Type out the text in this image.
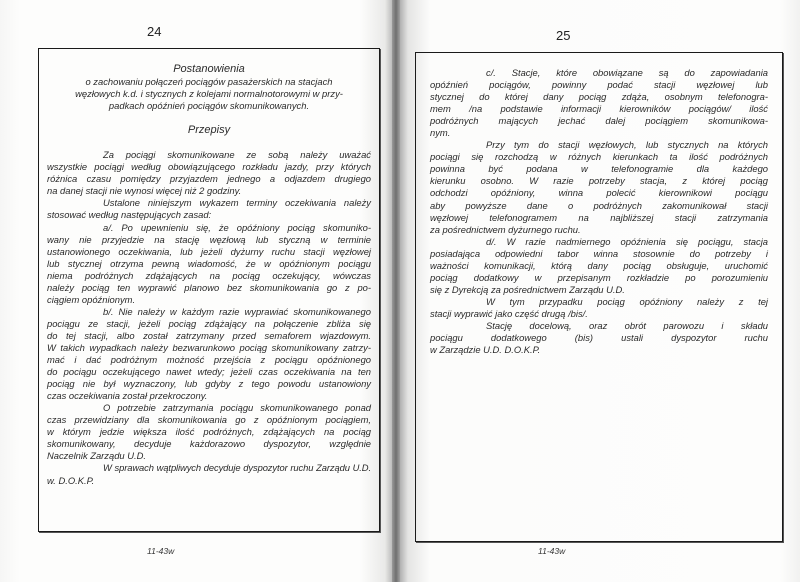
24
Postanowienia
o zachowaniu połączeń pociągów pasażerskich na stacjach
węzłowych k.d. i stycznych z kolejami normalnotorowymi w przy-
padkach opóźnień pociągów skomunikowanych.
Przepisy
Za pociągi skomunikowane ze sobą należy uważać
wszystkie pociągi według obowiązującego rozkładu jazdy, przy których
różnica czasu pomiędzy przyjazdem jednego a odjazdem drugiego
na danej stacji nie wynosi więcej niż 2 godziny.
Ustalone niniejszym wykazem terminy oczekiwania należy
stosować według następujących zasad:
a/. Po upewnieniu się, że opóźniony pociąg skomuniko-
wany nie przyjedzie na stację węzłową lub styczną w terminie
ustanowionego oczekiwania, lub jeżeli dyżurny ruchu stacji węzłowej
lub stycznej otrzyma pewną wiadomość, że w opóźnionym pociągu
niema podróżnych zdążających na pociąg oczekujący, wówczas
należy pociąg ten wyprawić planowo bez skomunikowania go z po-
ciągiem opóźnionym.
b/. Nie należy w każdym razie wyprawiać skomunikowanego
pociągu ze stacji, jeżeli pociąg zdążający na połączenie zbliża się
do tej stacji, albo został zatrzymany przed semaforem wjazdowym.
W takich wypadkach należy bezwarunkowo pociąg skomunikowany zatrzy-
mać i dać podróżnym możność przejścia z pociągu opóźnionego
do pociągu oczekującego nawet wtedy; jeżeli czas oczekiwania na ten
pociąg nie był wyznaczony, lub gdyby z tego powodu ustanowiony
czas oczekiwania został przekroczony.
O potrzebie zatrzymania pociągu skomunikowanego ponad
czas przewidziany dla skomunikowania go z opóźnionym pociągiem,
w którym jedzie większa ilość podróżnych, zdążających na pociąg
skomunikowany, decyduje każdorazowo dyspozytor, względnie
Naczelnik Zarządu U.D.
W sprawach wątpliwych decyduje dyspozytor ruchu Zarządu U.D.
w. D.O.K.P.
11-43w
25
c/. Stacje, które obowiązane są do zapowiadania
opóźnień pociągów, powinny podać stacji węzłowej lub
stycznej do której dany pociąg zdąża, osobnym telefonogra-
mem /na podstawie informacji kierowników pociągów/ ilość
podróżnych mających jechać dalej pociągiem skomunikowa-
nym.
Przy tym do stacji węzłowych, lub stycznych na których
pociągi się rozchodzą w różnych kierunkach ta ilość podróżnych
powinna być podana w telefonogramie dla każdego
kierunku osobno. W razie potrzeby stacja, z której pociąg
odchodzi opóźniony, winna polecić kierownikowi pociągu
aby powyższe dane o podróżnych zakomunikował stacji
węzłowej telefonogramem na najbliższej stacji zatrzymania
za pośrednictwem dyżurnego ruchu.
d/. W razie nadmiernego opóźnienia się pociągu, stacja
posiadająca odpowiedni tabor winna stosownie do potrzeby i
ważności komunikacji, którą dany pociąg obsługuje, uruchomić
pociąg dodatkowy w przepisanym rozkładzie po porozumieniu
się z Dyrekcją za pośrednictwem Zarządu U.D.
W tym przypadku pociąg opóźniony należy z tej
stacji wyprawić jako część drugą /bis/.
Stację docelową, oraz obrót parowozu i składu
pociągu dodatkowego (bis) ustali dyspozytor ruchu
w Zarządzie U.D. D.O.K.P.
11-43w
